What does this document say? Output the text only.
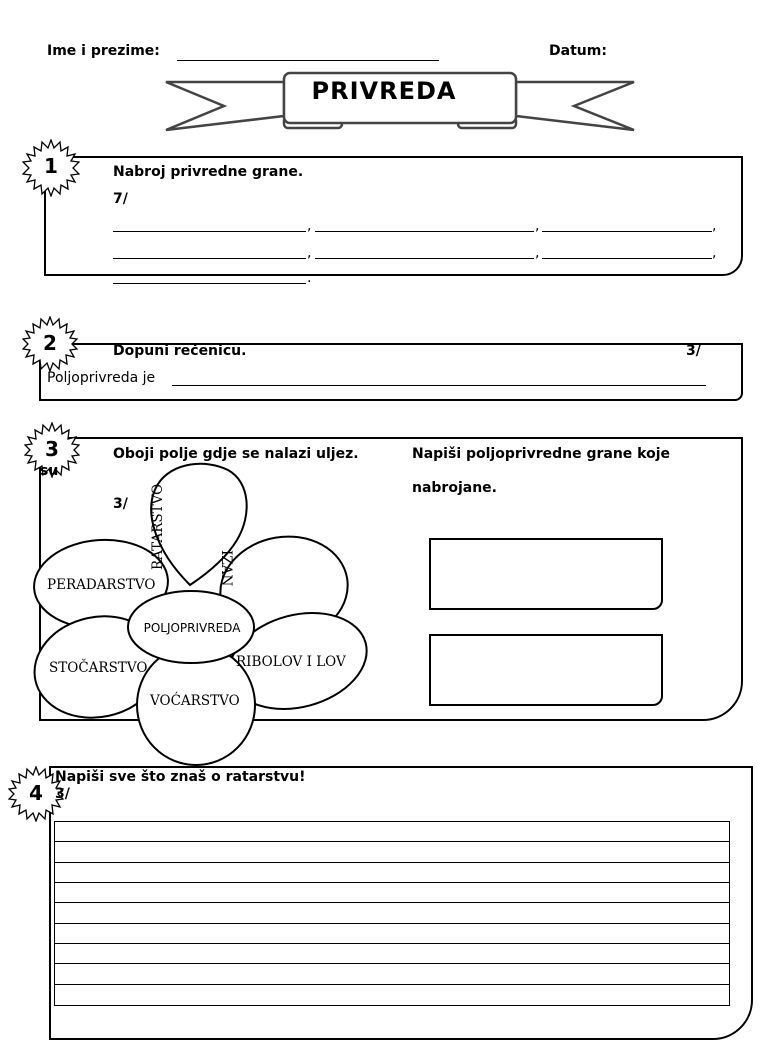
Ime i prezime:	Datum:
PRIVREDA
1	Nabroj privredne grane.
7/
,	,	,
,	,	,
.
2	Dopuni rečenicu.	3/
Poljoprivreda je
3
su
Oboji polje gdje se nalazi uljez.
3/
Napiši poljoprivredne grane koje
nabrojane.
RATARSTVO
PERADARSTVO
STOČARSTVO
VOĆARSTVO
RIBOLOV I LOV
IZAN
POLJOPRIVREDA
4
Napiši sve što znaš o ratarstvu!
3/
